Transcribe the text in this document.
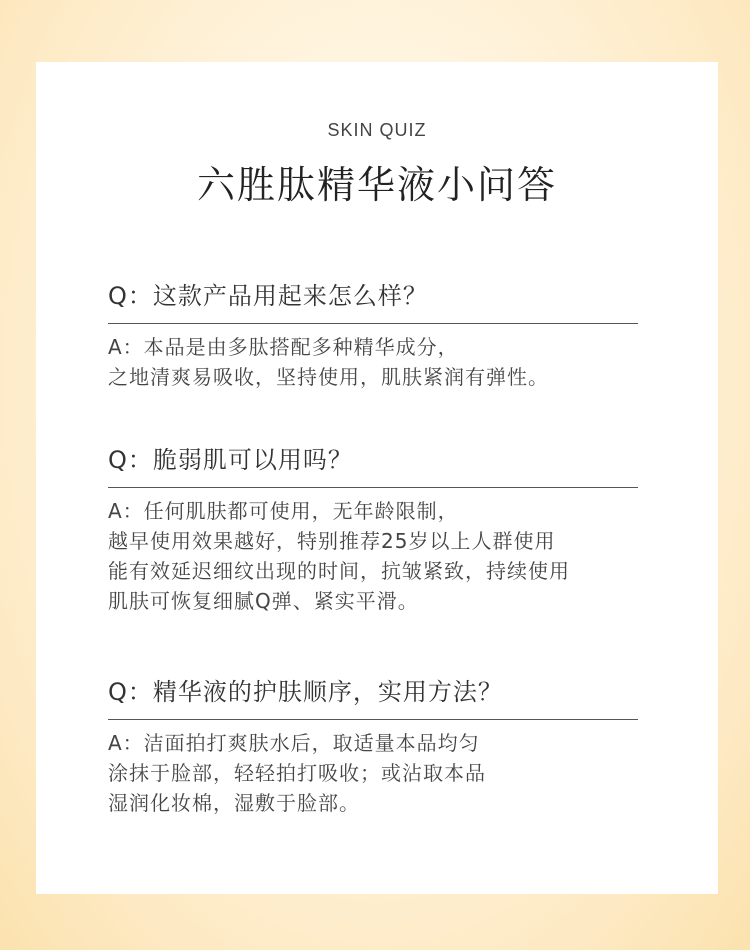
SKIN QUIZ
六胜肽精华液小问答
Q：这款产品用起来怎么样？
A：本品是由多肽搭配多种精华成分，
之地清爽易吸收，坚持使用，肌肤紧润有弹性。
Q：脆弱肌可以用吗？
A：任何肌肤都可使用，无年龄限制，
越早使用效果越好，特别推荐25岁以上人群使用
能有效延迟细纹出现的时间，抗皱紧致，持续使用
肌肤可恢复细腻Q弹、紧实平滑。
Q：精华液的护肤顺序，实用方法？
A：洁面拍打爽肤水后，取适量本品均匀
涂抹于脸部，轻轻拍打吸收；或沾取本品
湿润化妆棉，湿敷于脸部。
